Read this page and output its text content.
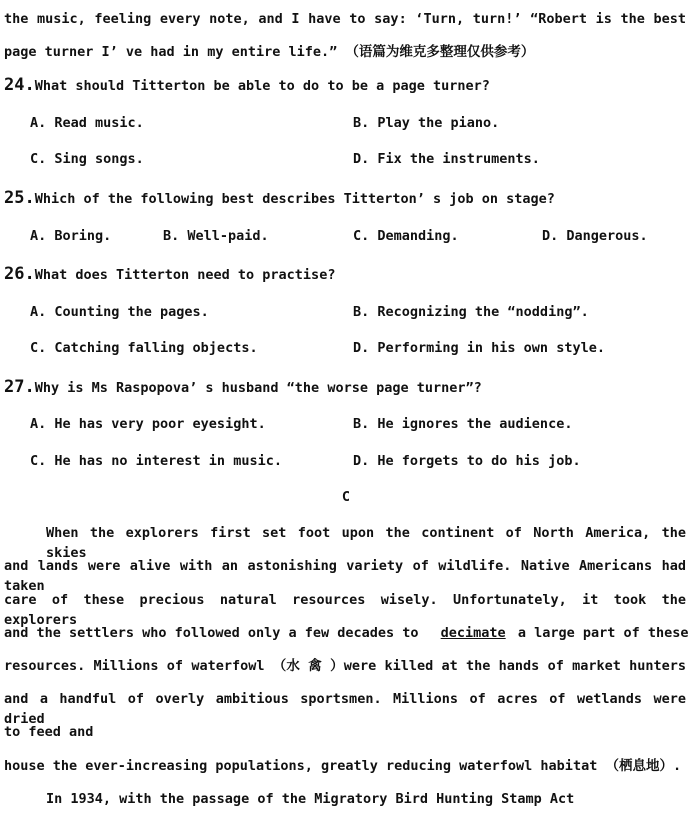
the music, feeling every note, and I have to say: ‘Turn, turn!’ “Robert is the best
page turner I’ ve had in my entire life.” （语篇为维克多整理仅供参考）
24.What should Titterton be able to do to be a page turner?
A. Read music.	B. Play the piano.
C. Sing songs.	D. Fix the instruments.
25.Which of the following best describes Titterton’ s job on stage?
A. Boring.	B. Well-paid.	C. Demanding.	D. Dangerous.
26.What does Titterton need to practise?
A. Counting the pages.	B. Recognizing the “nodding”.
C. Catching falling objects.	D. Performing in his own style.
27.Why is Ms Raspopova’ s husband “the worse page turner”?
A. He has very poor eyesight.	B. He ignores the audience.
C. He has no interest in music.	D. He forgets to do his job.
C
When the explorers first set foot upon the continent of North America, the skies
and lands were alive with an astonishing variety of wildlife. Native Americans had taken
care of these precious natural resources wisely. Unfortunately, it took the explorers
and the settlers who followed only a few decades to decimate a large part of these
resources. Millions of waterfowl （水 禽 ）were killed at the hands of market hunters
and a handful of overly ambitious sportsmen. Millions of acres of wetlands were dried
to feed and
house the ever-increasing populations, greatly reducing waterfowl habitat （栖息地）.
In 1934, with the passage of the Migratory Bird Hunting Stamp Act
